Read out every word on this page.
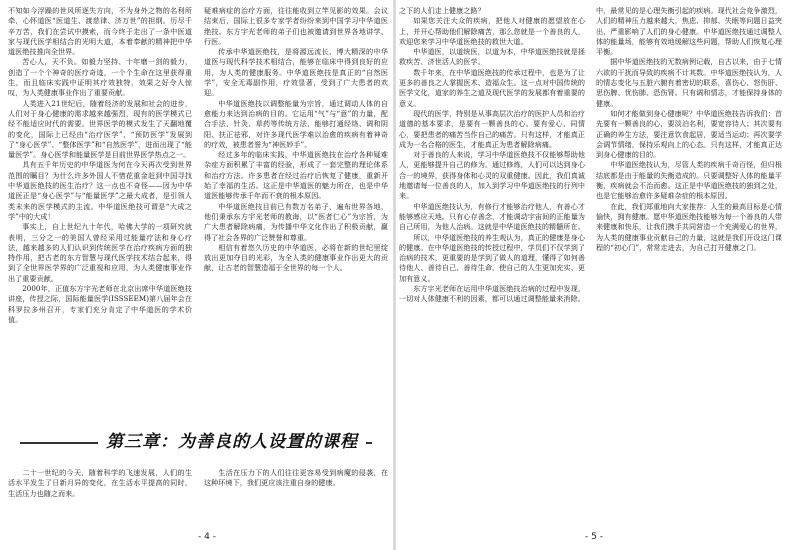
不知如今浮躁的世风所逐失方向，不为身外之物的名利所牵，心怀道医“医道生、渡慈律、济万世”的担纲。历尽千辛万苦，我们在尝试中摸索，而今终于走出了一条中医道家与现代医学相结合的光明大道，本着奉献的精神把中华道医绝技推向全世界。

苦心人，天不负。如毅力坚持、十年磨一剑的毅力，创造了一个个神奇的医疗奇迹，一个个生命在这里获得重生，而且临床实践中证明其疗效独特，效果之好令人惊叹，为人类健康事业作出了重要贡献。

人类进入21世纪后，随着经济的发展和社会的进步，人们对于身心健康的需求越来越强烈，现有的医学模式已经不能适应时代的需要。世界医学的模式发生了天翻地覆的变化，国际上已经由“治疗医学”、“预防医学”发展到了“身心医学”、“整体医学”和“自然医学”，进而出现了“能量医学”。身心医学和能量医学是目前世界医学热点之一。

具有五千年历史的中华道医为何在今天再次受到世界范围的瞩目？为什么许多外国人不惜花重金赶到中国寻找中华道医绝技的医生治疗？这一点也不奇怪——因为中华道医正是“身心医学”与“能量医学”之最大成者，是引领人类未来的医学模式的主流。中华道医绝技可谓是“大成之学”中的大成！

事实上，自上世纪九十年代，哈佛大学的一项研究就表明，三分之一的美国人曾经采用过能量疗法和身心疗法，越来越多的人们认识到传统医学在治疗疾病方面的独特作用，把古老的东方智慧与现代医学技术结合起来，得到了全世界医学界的广泛重视和应用，为人类健康事业作出了重要贡献。

2000年，正值东方宇光老师在北京出席中华道医绝技讲座，传授之际，国际能量医学(ISSSEEM)第八届年会在科罗拉多州召开，专家们充分肯定了中华道医的学术价值。

疑难病症的治疗方面，往往能收到立竿见影的效果。会议结束后，国际上很多专家学者纷纷来到中国学习中华道医绝技。东方宇光老师的弟子们也被邀请到世界各地讲学、行医。

传承中华道医绝技，是将源远流长、博大精深的中华道医与现代科学技术相结合，能够在临床中得到良好的应用，为人类的健康服务。中华道医绝技是真正的“自然医学”，安全无毒副作用，疗效显著，受到了广大患者的欢迎。

中华道医绝技以调整能量为宗旨，通过调动人体的自愈能力来达到治病的目的。它运用“气”与“意”的力量，配合手法、针灸、草药等传统方法，能够打通经络、调和阴阳、扶正祛邪，对许多现代医学难以治愈的疾病有着神奇的疗效，被患者誉为“神医妙手”。

经过多年的临床实践，中华道医绝技在治疗各种疑难杂症方面积累了丰富的经验，形成了一套完整的理论体系和治疗方法。许多患者在经过治疗后恢复了健康，重新开始了幸福的生活。这正是中华道医的魅力所在，也是中华道医能够传承千年而不衰的根本原因。

中华道医绝技目前已有数万名弟子，遍布世界各地，他们秉承东方宇光老师的教诲，以“医者仁心”为宗旨，为广大患者解除病痛，为传播中华文化作出了积极贡献，赢得了社会各界的广泛赞誉和尊重。

相信有着悠久历史的中华道医，必将在新的世纪里绽放出更加夺目的光彩，为全人类的健康事业作出更大的贡献，让古老的智慧造福于全世界的每一个人。

第三章：为善良的人设置的课程

二十一世纪的今天，随着科学的飞速发展，人们的生活水平发生了日新月异的变化，在生活水平提高的同时，生活压力也随之而来。

生活在压力下的人们往往更容易受到病魔的侵袭，在这种环境下，我们更应该注重自身的健康。

- 4 -

之下的人们走上健康之路？

如果您关注大众的疾病，把他人对健康的愿望放在心上，并开心帮助他们解除痛苦，那么您就是一个善良的人，欢迎您来学习中华道医绝技的救世大道。

中华道医，以道统医，以道为本，中华道医绝技就是拯救疾苦、济世活人的医学。

数千年来，在中华道医绝技的传承过程中，也是为了让更多的善良之人掌握医术、造福众生。这一点对中国传统的医学文化，道家的养生之道及现代医学的发展都有着重要的意义。

现代的医学，特别是从事高层次治疗的医护人员和治疗道德的基本要求，是要有一颗善良的心。要有爱心、同情心，要把患者的痛苦当作自己的痛苦。只有这样，才能真正成为一名合格的医生，才能真正为患者解除病痛。

对于善良的人来说，学习中华道医绝技不仅能够帮助他人，更能够提升自己的修为。通过修炼，人们可以达到身心合一的境界，获得身体和心灵的双重健康。因此，我们真诚地邀请每一位善良的人，加入到学习中华道医绝技的行列中来。

中华道医绝技认为，有修行才能够治疗他人，有善心才能够感应天地。只有心存善念，才能调动宇宙间的正能量为自己所用，为他人治病。这就是中华道医绝技的精髓所在。

所以，中华道医绝技的养生观认为，真正的健康是身心的健康。在中华道医绝技的传授过程中，学员们不仅学到了治病的技术，更重要的是学到了做人的道理，懂得了如何善待他人、善待自己、善待生命，使自己的人生更加充实、更加有意义。

东方宇光老师在运用中华道医绝技治病的过程中发现，一切对人体健康不利的因素，都可以通过调整能量来消除。

中，最常见的是心理失衡引起的疾病。现代社会竞争激烈，人们的精神压力越来越大，焦虑、抑郁、失眠等问题日益突出，严重影响了人们的身心健康。中华道医绝技通过调整人体的能量场，能够有效地缓解这些问题，帮助人们恢复心理平衡。

据中华道医绝技的无数病例记载，自古以来，由于七情六欲的干扰而导致的疾病不计其数。中华道医绝技认为，人的情志变化与五脏六腑有着密切的联系，喜伤心、怒伤肝、思伤脾、忧伤肺、恐伤肾。只有调和情志，才能保持身体的健康。

如何才能做到身心健康呢？中华道医绝技告诉我们：首先要有一颗善良的心，要淡泊名利，要宽容待人；其次要有正确的养生方法，要注意饮食起居，要适当运动；再次要学会调节情绪，保持乐观向上的心态。只有这样，才能真正达到身心健康的目的。

中华道医绝技认为，尽管人类的疾病千奇百怪，但归根结底都是由于能量的失衡造成的。只要调整好人体的能量平衡，疾病就会不治而愈。这正是中华道医绝技的独到之处，也是它能够治愈许多疑难杂症的根本原因。

在此，我们郑重地向大家推荐：人生的最高目标是心情愉快，拥有健康。愿中华道医绝技能够为每一个善良的人带来健康和快乐，让我们携手共同营造一个充满爱心的世界，为人类的健康事业贡献自己的力量，这就是我们开设这门课程的“初心门”，常常走进去，为自己打开健康之门。

- 5 -
